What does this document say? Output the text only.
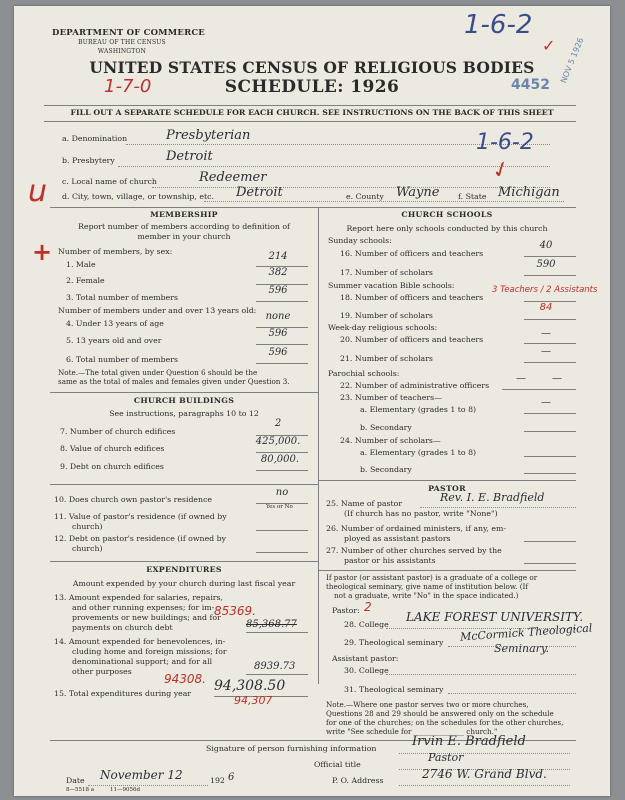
DEPARTMENT OF COMMERCE
BUREAU OF THE CENSUS
WASHINGTON
UNITED STATES CENSUS OF RELIGIOUS BODIES
SCHEDULE: 1926
1-6-2
✓
1-7-0	4452
NOV 5 1926
FILL OUT A SEPARATE SCHEDULE FOR EACH CHURCH. SEE INSTRUCTIONS ON THE BACK OF THIS SHEET
a. Denomination	Presbyterian	1-6-2
b. Presbytery	Detroit
c. Local name of church	Redeemer	✓
d. City, town, village, or township, etc. Detroit	e. County Wayne f. State Michigan
u
+
MEMBERSHIP
Report number of members according to definition of
member in your church
Number of members, by sex:
1. Male
214
2. Female
382
3. Total number of members
596
Number of members under and over 13 years old:
4. Under 13 years of age
none
5. 13 years old and over
596
6. Total number of members
596
Note.—The total given under Question 6 should be the
same as the total of males and females given under Question 3.
CHURCH BUILDINGS
See instructions, paragraphs 10 to 12
7. Number of church edifices
2
8. Value of church edifices
425,000.
9. Debt on church edifices
80,000.
10. Does church own pastor's residence
no
Yes or No
11. Value of pastor's residence (if owned by
church)
12. Debt on pastor's residence (if owned by
church)
EXPENDITURES
Amount expended by your church during last fiscal year
13. Amount expended for salaries, repairs,
and other running expenses; for im-
provements or new buildings; and for
payments on church debt
85369.
85,368.77
14. Amount expended for benevolences, in-
cluding home and foreign missions; for
denominational support; and for all
other purposes	8939.73
94308.
15. Total expenditures during year 94,308.50
94,307
CHURCH SCHOOLS
Report here only schools conducted by this church
Sunday schools:
16. Number of officers and teachers
40
17. Number of scholars
590
Summer vacation Bible schools:
18. Number of officers and teachers
3 Teachers / 2 Assistants
19. Number of scholars
84
Week-day religious schools:
20. Number of officers and teachers
—
21. Number of scholars
—
Parochial schools:
22. Number of administrative officers
—	—
23. Number of teachers—
a. Elementary (grades 1 to 8)
—
b. Secondary
24. Number of scholars—
a. Elementary (grades 1 to 8)
b. Secondary
PASTOR
25. Name of pastor	Rev. I. E. Bradfield
(If church has no pastor, write "None")
26. Number of ordained ministers, if any, em-
ployed as assistant pastors
27. Number of other churches served by the
pastor or his assistants
If pastor (or assistant pastor) is a graduate of a college or
theological seminary, give name of institution below. (If
not a graduate, write "No" in the space indicated.)
Pastor: 2
28. College
LAKE FOREST UNIVERSITY.
29. Theological seminary McCormick Theological
Seminary.
Assistant pastor:
30. College
31. Theological seminary
Note.—Where one pastor serves two or more churches,
Questions 28 and 29 should be answered only on the schedule
for one of the churches; on the schedules for the other churches,
write "See schedule for ______________ church."
Signature of person furnishing information	Irvin E. Bradfield
Official title
Pastor
Date November 12	192 6	P. O. Address	2746 W. Grand Blvd.
8—5518 a	11—9056d
